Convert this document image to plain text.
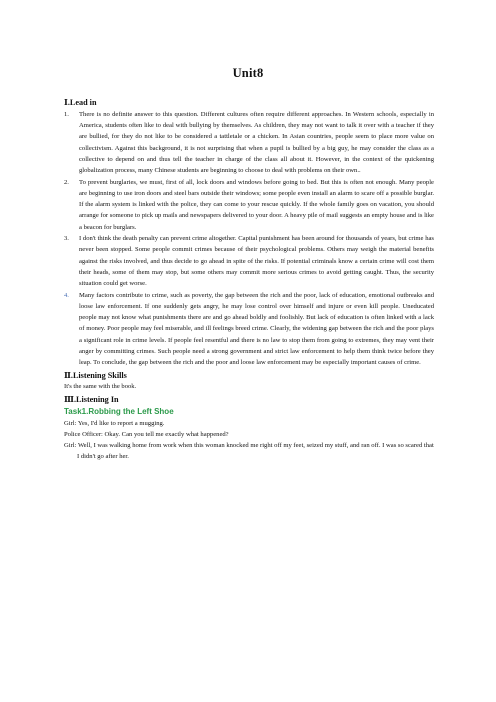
Unit8
Ⅰ.Lead in
1.	There is no definite answer to this question. Different cultures often require different approaches. In Western schools, especially in America, students often like to deal with bullying by themselves. As children, they may not want to talk it over with a teacher if they are bullied, for they do not like to be considered a tattletale or a chicken. In Asian countries, people seem to place more value on collectivism. Against this background, it is not surprising that when a pupil is bullied by a big guy, he may consider the class as a collective to depend on and thus tell the teacher in charge of the class all about it. However, in the context of the quickening globalization process, many Chinese students are beginning to choose to deal with problems on their own..
2.	To prevent burglaries, we must, first of all, lock doors and windows before going to bed. But this is often not enough. Many people are beginning to use iron doors and steel bars outside their windows; some people even install an alarm to scare off a possible burglar. If the alarm system is linked with the police, they can come to your rescue quickly. If the whole family goes on vacation, you should arrange for someone to pick up mails and newspapers delivered to your door. A heavy pile of mail suggests an empty house and is like a beacon for burglars.
3.	I don't think the death penalty can prevent crime altogether. Capital punishment has been around for thousands of years, but crime has never been stopped. Some people commit crimes because of their psychological problems. Others may weigh the material benefits against the risks involved, and thus decide to go ahead in spite of the risks. If potential criminals know a certain crime will cost them their heads, some of them may stop, but some others may commit more serious crimes to avoid getting caught. Thus, the security situation could get worse.
4.	Many factors contribute to crime, such as poverty, the gap between the rich and the poor, lack of education, emotional outbreaks and loose law enforcement. If one suddenly gets angry, he may lose control over himself and injure or even kill people. Uneducated people may not know what punishments there are and go ahead boldly and foolishly. But lack of education is often linked with a lack of money. Poor people may feel miserable, and ill feelings breed crime. Clearly, the widening gap between the rich and the poor plays a significant role in crime levels. If people feel resentful and there is no law to stop them from going to extremes, they may vent their anger by committing crimes. Such people need a strong government and strict law enforcement to help them think twice before they leap. To conclude, the gap between the rich and the poor and loose law enforcement may be especially important causes of crime.
Ⅱ.Listening Skills
It's the same with the book.
Ⅲ.Listening In
Task1.Robbing the Left Shoe
Girl: Yes, I'd like to report a mugging.
Police Officer: Okay. Can you tell me exactly what happened?
Girl: Well, I was walking home from work when this woman knocked me right off my feet, seized my stuff, and ran off. I was so scared that I didn't go after her.
